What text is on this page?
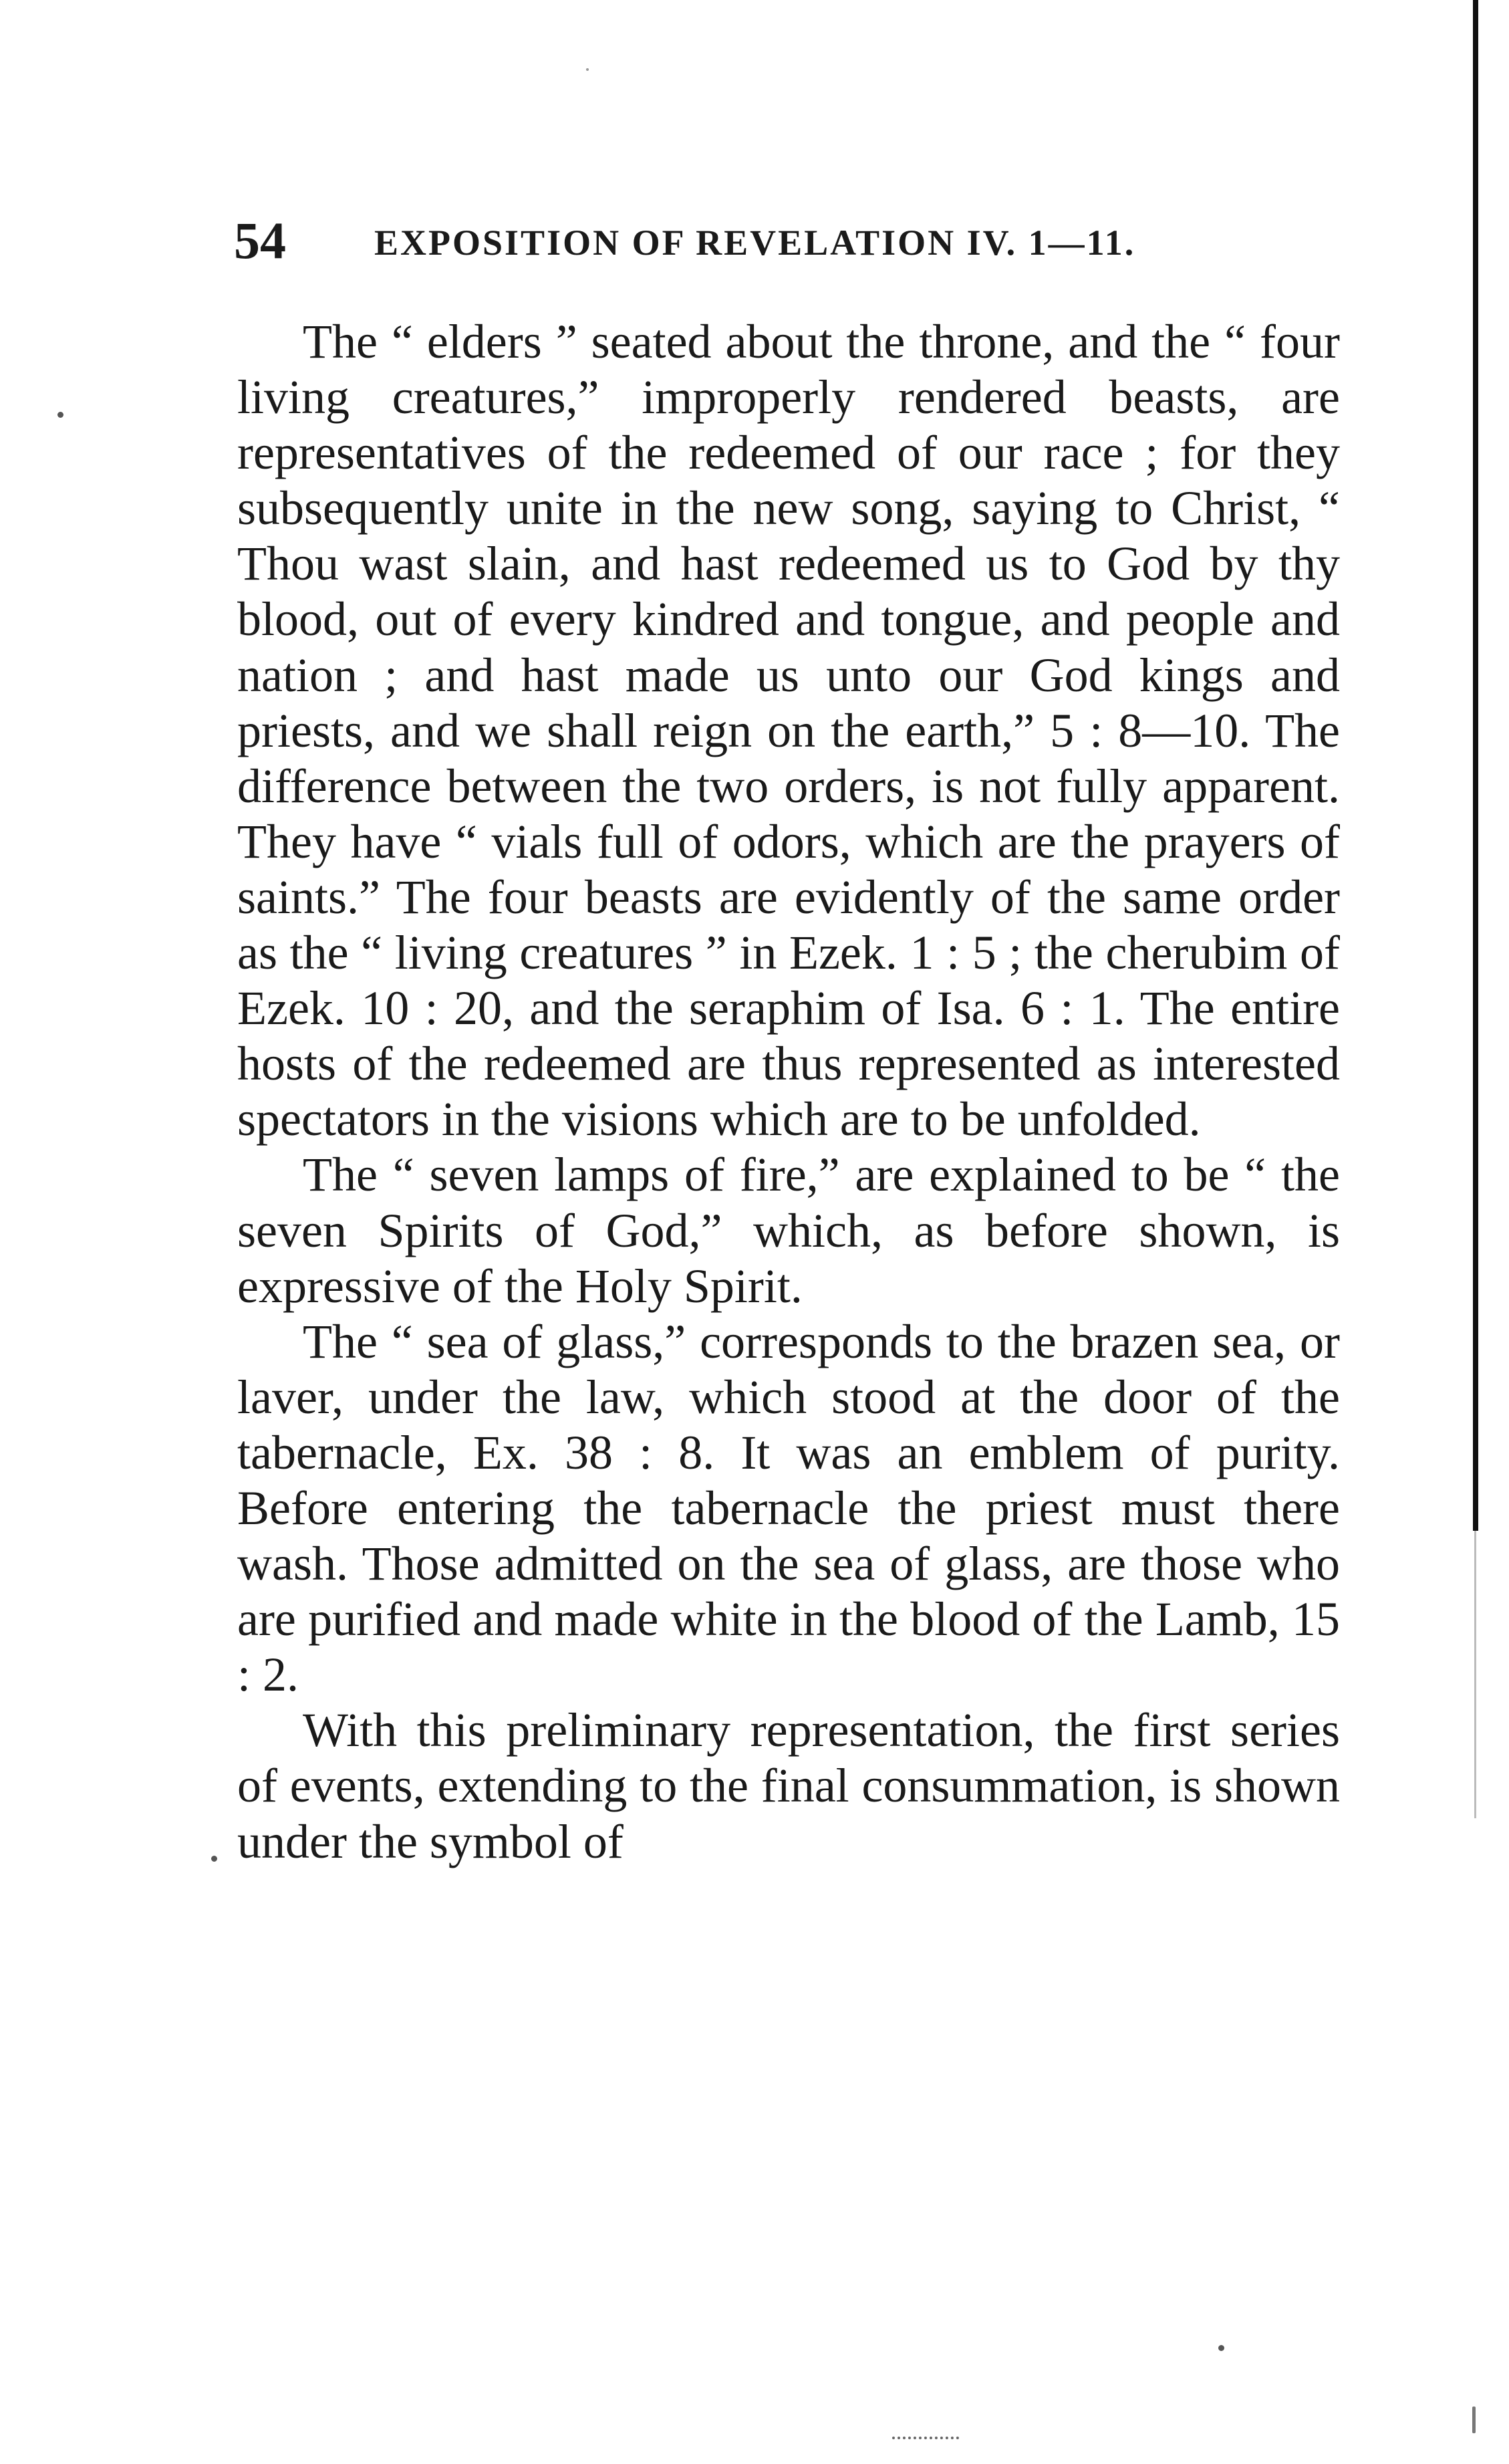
54 EXPOSITION OF REVELATION IV. 1—11.

The “ elders ” seated about the throne, and the “ four living creatures,” improperly rendered beasts, are representatives of the redeemed of our race ; for they subsequently unite in the new song, saying to Christ, “ Thou wast slain, and hast redeemed us to God by thy blood, out of every kindred and tongue, and people and nation ; and hast made us unto our God kings and priests, and we shall reign on the earth,” 5 : 8—10. The difference between the two orders, is not fully apparent. They have “ vials full of odors, which are the prayers of saints.” The four beasts are evidently of the same order as the “ living creatures ” in Ezek. 1 : 5 ; the cherubim of Ezek. 10 : 20, and the seraphim of Isa. 6 : 1. The entire hosts of the redeemed are thus represented as interested spectators in the visions which are to be unfolded.

The “ seven lamps of fire,” are explained to be “ the seven Spirits of God,” which, as before shown, is expressive of the Holy Spirit.

The “ sea of glass,” corresponds to the brazen sea, or laver, under the law, which stood at the door of the tabernacle, Ex. 38 : 8. It was an emblem of purity. Before entering the tabernacle the priest must there wash. Those admitted on the sea of glass, are those who are purified and made white in the blood of the Lamb, 15 : 2.

With this preliminary representation, the first series of events, extending to the final consummation, is shown under the symbol of
